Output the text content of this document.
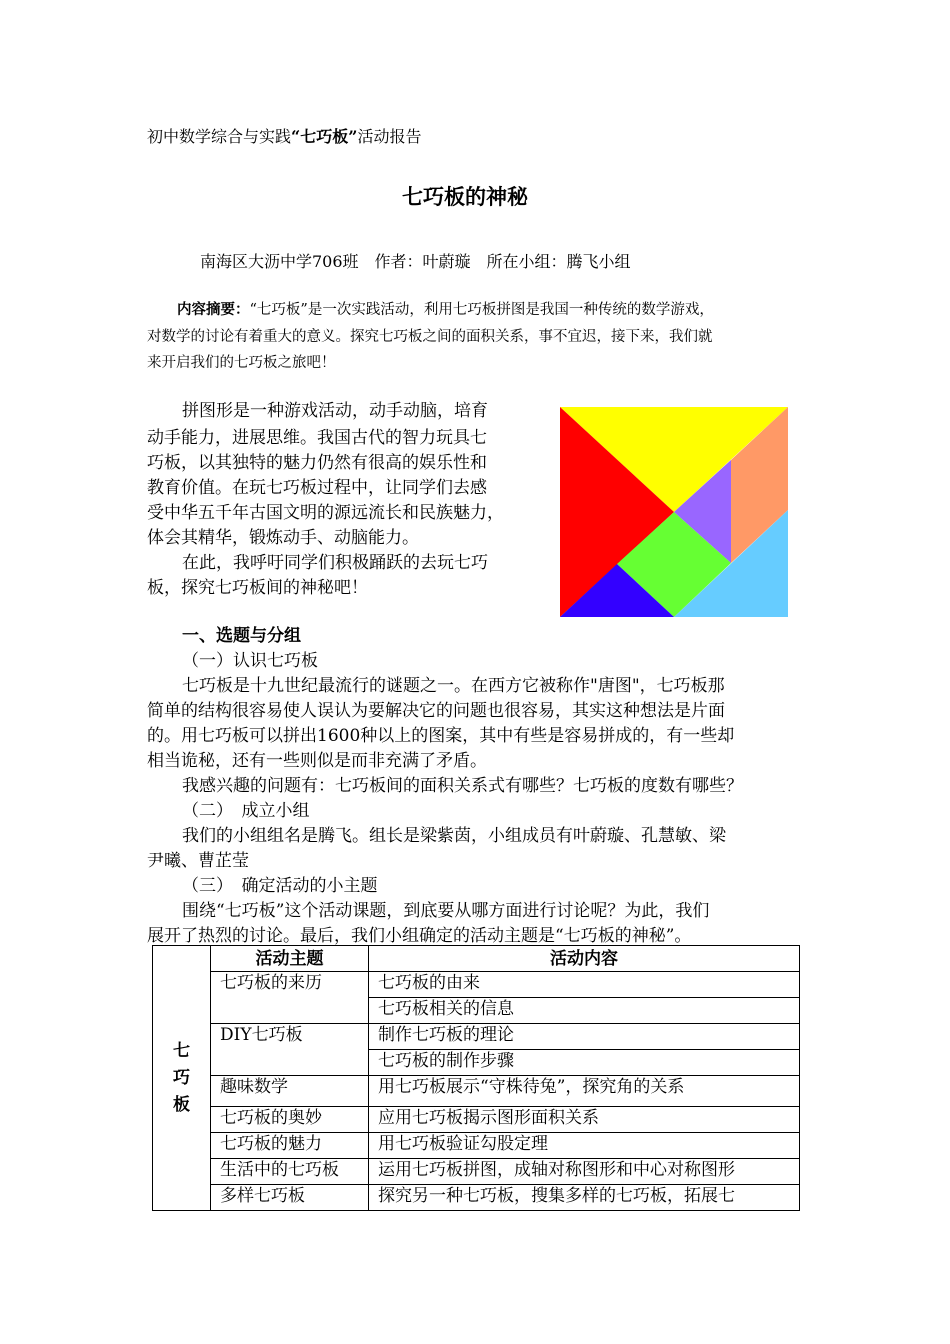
初中数学综合与实践“七巧板”活动报告
七巧板的神秘
南海区大沥中学706班　作者：叶蔚璇　所在小组：腾飞小组
内容摘要：“七巧板”是一次实践活动，利用七巧板拼图是我国一种传统的数学游戏，
对数学的讨论有着重大的意义。探究七巧板之间的面积关系，事不宜迟，接下来，我们就
来开启我们的七巧板之旅吧！
拼图形是一种游戏活动，动手动脑，培育
动手能力，进展思维。我国古代的智力玩具七
巧板，以其独特的魅力仍然有很高的娱乐性和
教育价值。在玩七巧板过程中，让同学们去感
受中华五千年古国文明的源远流长和民族魅力，
体会其精华，锻炼动手、动脑能力。
在此，我呼吁同学们积极踊跃的去玩七巧
板，探究七巧板间的神秘吧！
一、选题与分组
（一）认识七巧板
七巧板是十九世纪最流行的谜题之一。在西方它被称作"唐图"，七巧板那
简单的结构很容易使人误认为要解决它的问题也很容易，其实这种想法是片面
的。用七巧板可以拼出1600种以上的图案，其中有些是容易拼成的，有一些却
相当诡秘，还有一些则似是而非充满了矛盾。
我感兴趣的问题有：七巧板间的面积关系式有哪些？七巧板的度数有哪些？
（二）　成立小组
我们的小组组名是腾飞。组长是梁紫茵，小组成员有叶蔚璇、孔慧敏、梁
尹曦、曹芷莹
（三）　确定活动的小主题
围绕“七巧板”这个活动课题，到底要从哪方面进行讨论呢？为此，我们
展开了热烈的讨论。最后，我们小组确定的活动主题是“七巧板的神秘”。
七
巧
板	活动主题	活动内容
	七巧板的来历	七巧板的由来
		七巧板相关的信息
	DIY七巧板	制作七巧板的理论
		七巧板的制作步骤
	趣味数学	用七巧板展示“守株待兔”，探究角的关系
	七巧板的奥妙	应用七巧板揭示图形面积关系
	七巧板的魅力	用七巧板验证勾股定理
	生活中的七巧板	运用七巧板拼图，成轴对称图形和中心对称图形
	多样七巧板	探究另一种七巧板，搜集多样的七巧板，拓展七
